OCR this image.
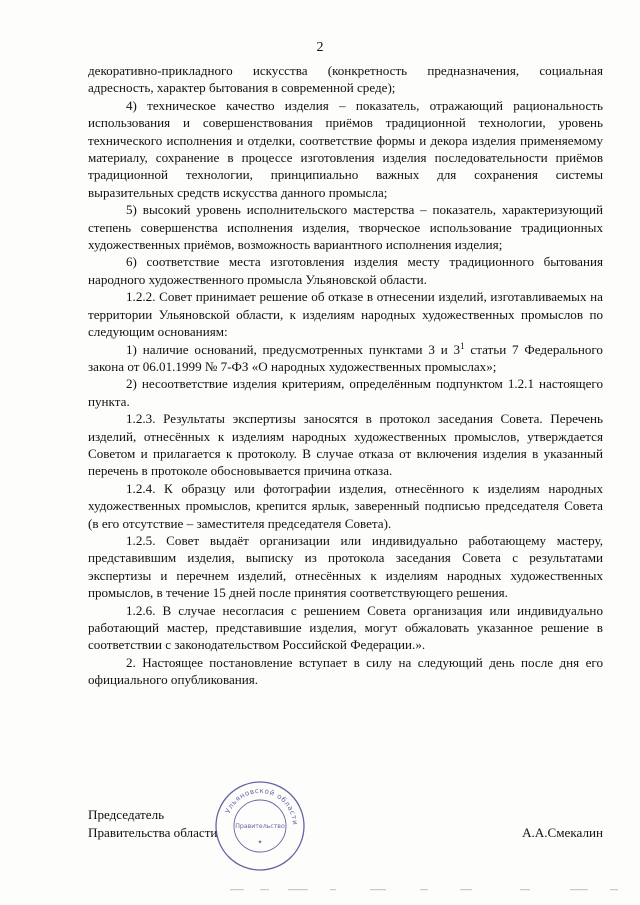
2

декоративно-прикладного искусства (конкретность предназначения, социальная адресность, характер бытования в современной среде);

4) техническое качество изделия – показатель, отражающий рациональность использования и совершенствования приёмов традиционной технологии, уровень технического исполнения и отделки, соответствие формы и декора изделия применяемому материалу, сохранение в процессе изготовления изделия последовательности приёмов традиционной технологии, принципиально важных для сохранения системы выразительных средств искусства данного промысла;

5) высокий уровень исполнительского мастерства – показатель, характеризующий степень совершенства исполнения изделия, творческое использование традиционных художественных приёмов, возможность вариантного исполнения изделия;

6) соответствие места изготовления изделия месту традиционного бытования народного художественного промысла Ульяновской области.

1.2.2. Совет принимает решение об отказе в отнесении изделий, изготавливаемых на территории Ульяновской области, к изделиям народных художественных промыслов по следующим основаниям:

1) наличие оснований, предусмотренных пунктами 3 и $3^1$ статьи 7 Федерального закона от 06.01.1999 № 7-ФЗ «О народных художественных промыслах»;

2) несоответствие изделия критериям, определённым подпунктом 1.2.1 настоящего пункта.

1.2.3. Результаты экспертизы заносятся в протокол заседания Совета. Перечень изделий, отнесённых к изделиям народных художественных промыслов, утверждается Советом и прилагается к протоколу. В случае отказа от включения изделия в указанный перечень в протоколе обосновывается причина отказа.

1.2.4. К образцу или фотографии изделия, отнесённого к изделиям народных художественных промыслов, крепится ярлык, заверенный подписью председателя Совета (в его отсутствие – заместителя председателя Совета).

1.2.5. Совет выдаёт организации или индивидуально работающему мастеру, представившим изделия, выписку из протокола заседания Совета с результатами экспертизы и перечнем изделий, отнесённых к изделиям народных художественных промыслов, в течение 15 дней после принятия соответствующего решения.

1.2.6. В случае несогласия с решением Совета организация или индивидуально работающий мастер, представившие изделия, могут обжаловать указанное решение в соответствии с законодательством Российской Федерации.».

2. Настоящее постановление вступает в силу на следующий день после дня его официального опубликования.

Председатель
Правительства области	А.А.Смекалин
Ульяновской области
Правительство
✦
